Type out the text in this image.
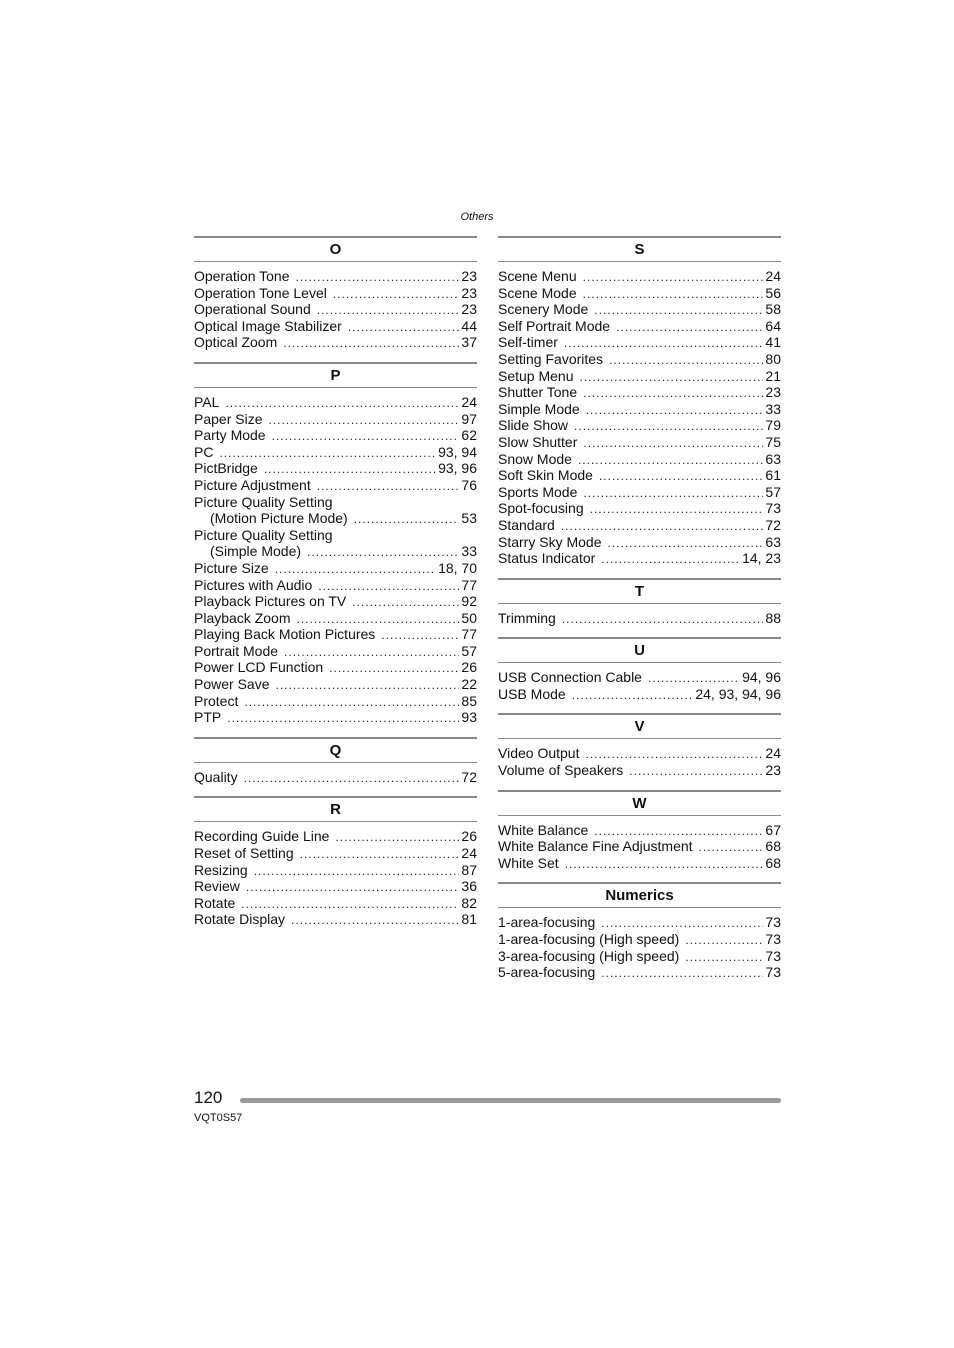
Others
O
Operation Tone .....	23
Operation Tone Level .....	23
Operational Sound .....	23
Optical Image Stabilizer .....	44
Optical Zoom .....	37
P
PAL .....	24
Paper Size .....	97
Party Mode .....	62
PC .....	93, 94
PictBridge .....	93, 96
Picture Adjustment .....	76
Picture Quality Setting
(Motion Picture Mode) .....	53
Picture Quality Setting
(Simple Mode) .....	33
Picture Size .....	18, 70
Pictures with Audio .....	77
Playback Pictures on TV .....	92
Playback Zoom .....	50
Playing Back Motion Pictures .....	77
Portrait Mode .....	57
Power LCD Function .....	26
Power Save .....	22
Protect .....	85
PTP .....	93
Q
Quality .....	72
R
Recording Guide Line .....	26
Reset of Setting .....	24
Resizing .....	87
Review .....	36
Rotate .....	82
Rotate Display .....	81
S
Scene Menu .....	24
Scene Mode .....	56
Scenery Mode .....	58
Self Portrait Mode .....	64
Self-timer .....	41
Setting Favorites .....	80
Setup Menu .....	21
Shutter Tone .....	23
Simple Mode .....	33
Slide Show .....	79
Slow Shutter .....	75
Snow Mode .....	63
Soft Skin Mode .....	61
Sports Mode .....	57
Spot-focusing .....	73
Standard .....	72
Starry Sky Mode .....	63
Status Indicator .....	14, 23
T
Trimming .....	88
U
USB Connection Cable .....	94, 96
USB Mode .....	24, 93, 94, 96
V
Video Output .....	24
Volume of Speakers .....	23
W
White Balance .....	67
White Balance Fine Adjustment .....	68
White Set .....	68
Numerics
1-area-focusing .....	73
1-area-focusing (High speed) .....	73
3-area-focusing (High speed) .....	73
5-area-focusing .....	73
120
VQT0S57
